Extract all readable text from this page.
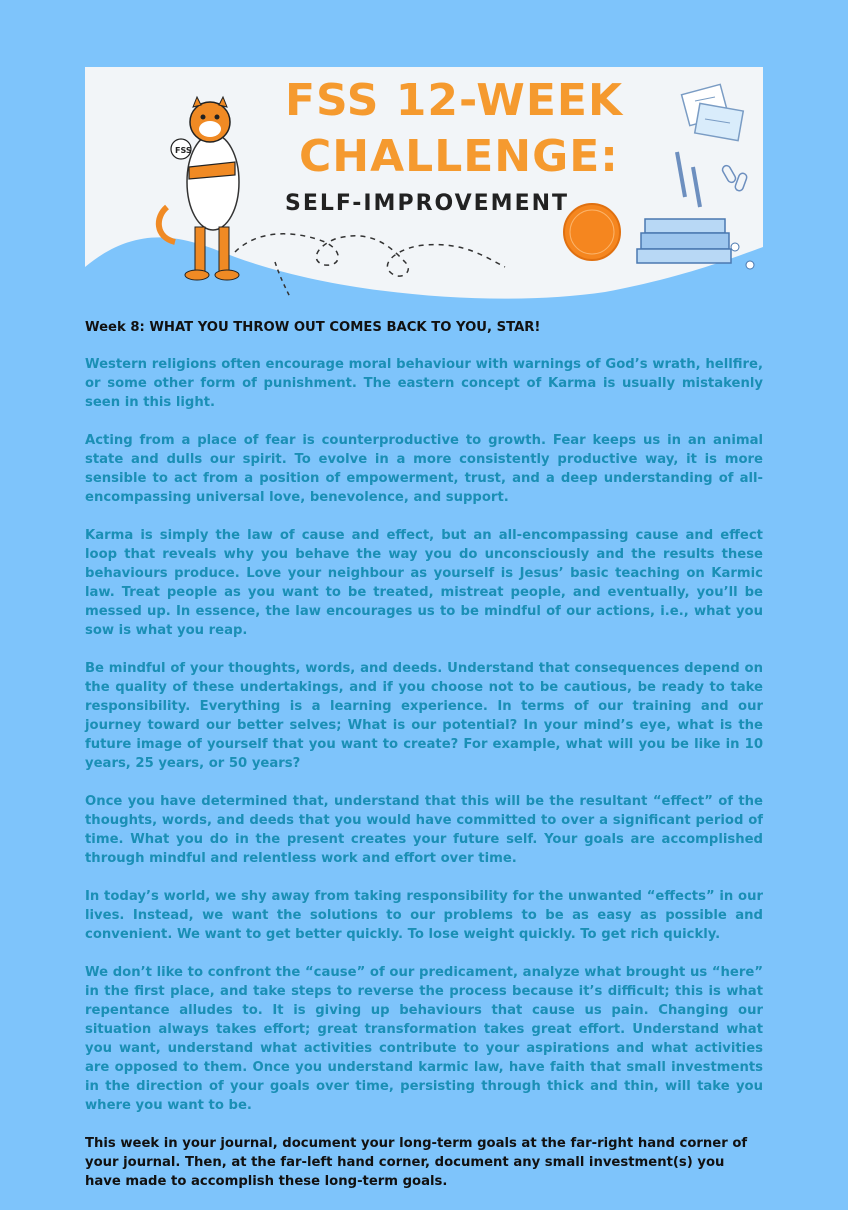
FSS
FSS 12-WEEK
CHALLENGE:
SELF-IMPROVEMENT

Week 8: WHAT YOU THROW OUT COMES BACK TO YOU, STAR!

Western religions often encourage moral behaviour with warnings of God’s wrath, hellfire, or some other form of punishment. The eastern concept of Karma is usually mistakenly seen in this light.

Acting from a place of fear is counterproductive to growth. Fear keeps us in an animal state and dulls our spirit. To evolve in a more consistently productive way, it is more sensible to act from a position of empowerment, trust, and a deep understanding of all-encompassing universal love, benevolence, and support.

Karma is simply the law of cause and effect, but an all-encompassing cause and effect loop that reveals why you behave the way you do unconsciously and the results these behaviours produce. Love your neighbour as yourself is Jesus’ basic teaching on Karmic law. Treat people as you want to be treated, mistreat people, and eventually, you’ll be messed up. In essence, the law encourages us to be mindful of our actions, i.e., what you sow is what you reap.

Be mindful of your thoughts, words, and deeds. Understand that consequences depend on the quality of these undertakings, and if you choose not to be cautious, be ready to take responsibility. Everything is a learning experience. In terms of our training and our journey toward our better selves; What is our potential? In your mind’s eye, what is the future image of yourself that you want to create? For example, what will you be like in 10 years, 25 years, or 50 years?

Once you have determined that, understand that this will be the resultant “effect” of the thoughts, words, and deeds that you would have committed to over a significant period of time. What you do in the present creates your future self. Your goals are accomplished through mindful and relentless work and effort over time.

In today’s world, we shy away from taking responsibility for the unwanted “effects” in our lives. Instead, we want the solutions to our problems to be as easy as possible and convenient. We want to get better quickly. To lose weight quickly. To get rich quickly.

We don’t like to confront the “cause” of our predicament, analyze what brought us “here” in the first place, and take steps to reverse the process because it’s difficult; this is what repentance alludes to. It is giving up behaviours that cause us pain. Changing our situation always takes effort; great transformation takes great effort. Understand what you want, understand what activities contribute to your aspirations and what activities are opposed to them. Once you understand karmic law, have faith that small investments in the direction of your goals over time, persisting through thick and thin, will take you where you want to be.

This week in your journal, document your long-term goals at the far-right hand corner of your journal. Then, at the far-left hand corner, document any small investment(s) you have made to accomplish these long-term goals.
